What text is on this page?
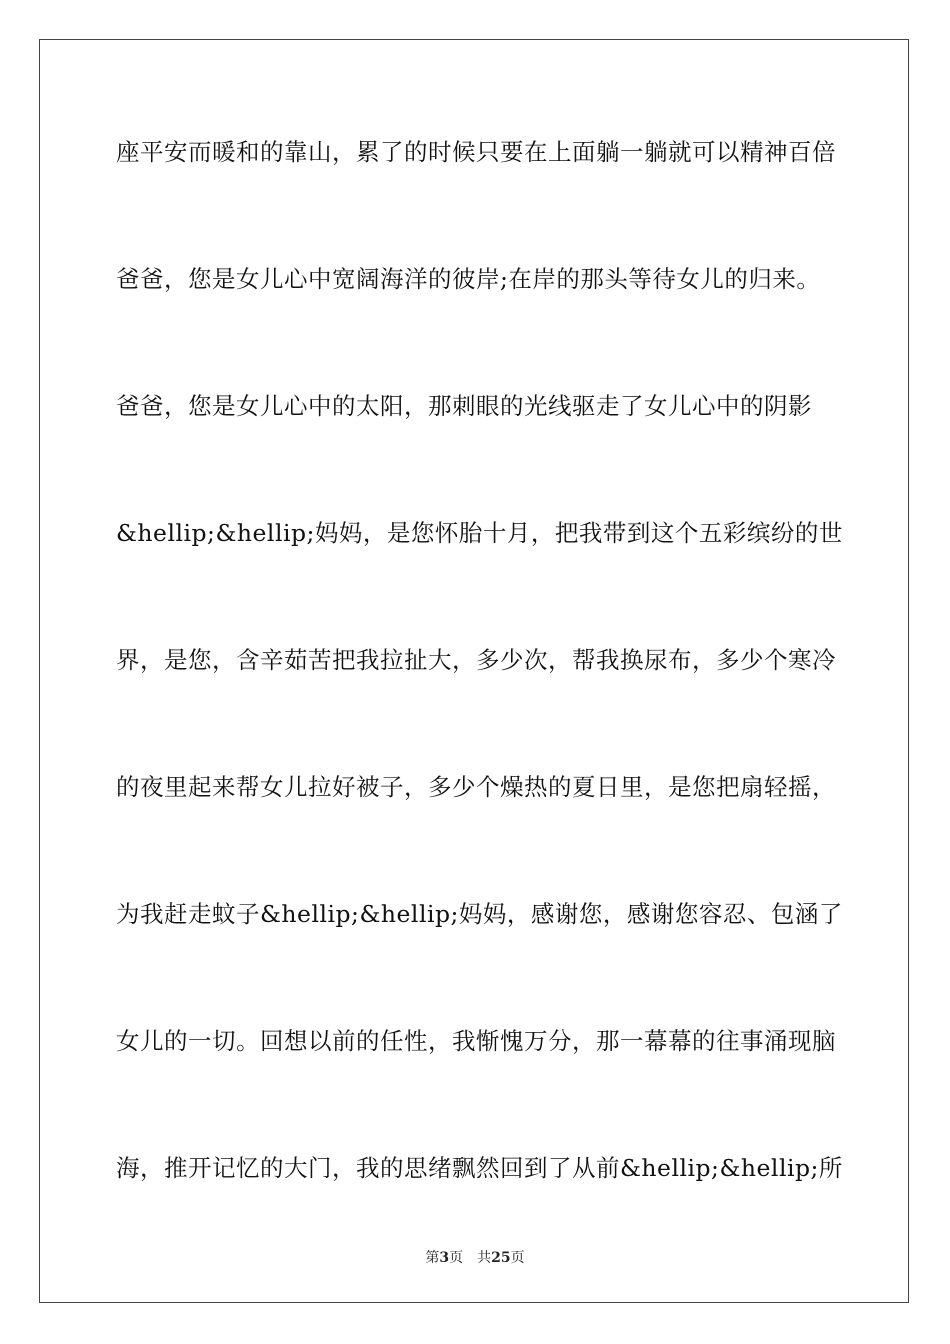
座平安而暖和的靠山，累了的时候只要在上面躺一躺就可以精神百倍
爸爸，您是女儿心中宽阔海洋的彼岸;在岸的那头等待女儿的归来。
爸爸，您是女儿心中的太阳，那刺眼的光线驱走了女儿心中的阴影
&hellip;&hellip;妈妈，是您怀胎十月，把我带到这个五彩缤纷的世
界，是您，含辛茹苦把我拉扯大，多少次，帮我换尿布，多少个寒冷
的夜里起来帮女儿拉好被子，多少个燥热的夏日里，是您把扇轻摇，
为我赶走蚊子&hellip;&hellip;妈妈，感谢您，感谢您容忍、包涵了
女儿的一切。回想以前的任性，我惭愧万分，那一幕幕的往事涌现脑
海，推开记忆的大门，我的思绪飘然回到了从前&hellip;&hellip;所
第3页 共25页
